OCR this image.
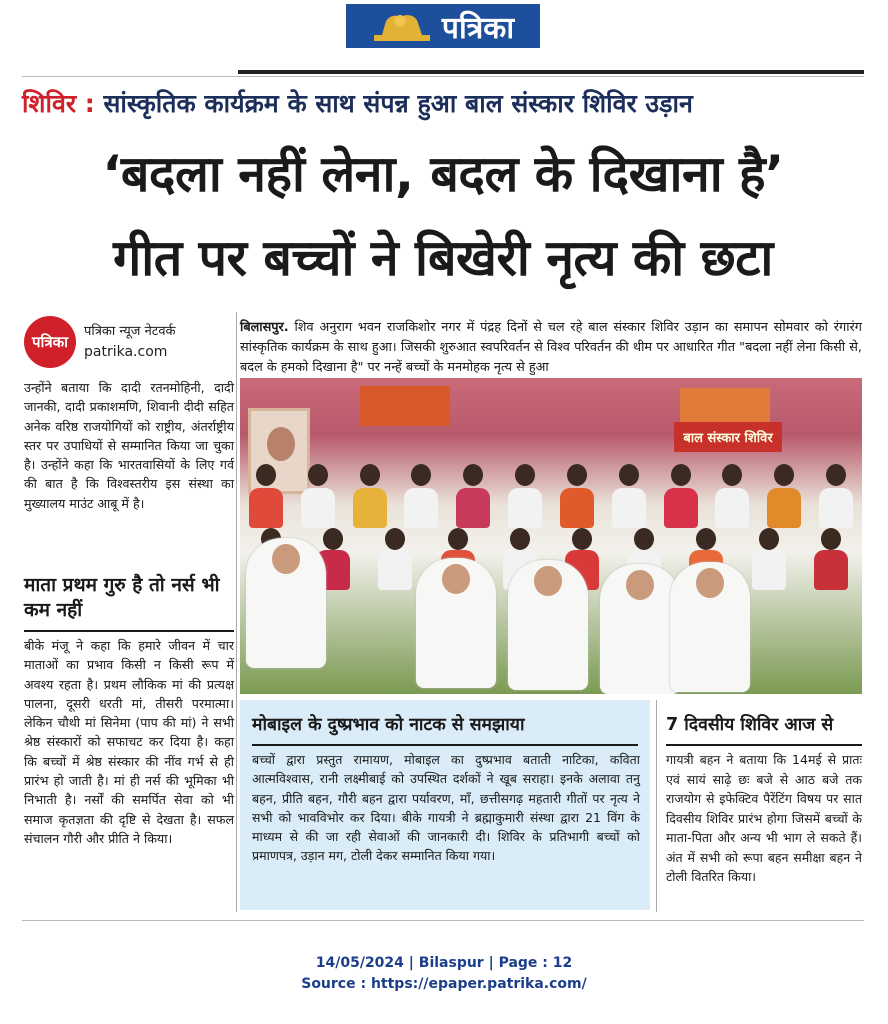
पत्रिका
शिविर : सांस्कृतिक कार्यक्रम के साथ संपन्न हुआ बाल संस्कार शिविर उड़ान
‘बदला नहीं लेना, बदल के दिखाना है’
गीत पर बच्चों ने बिखेरी नृत्य की छटा
पत्रिका
पत्रिका न्यूज नेटवर्क
patrika.com
उन्होंने बताया कि दादी रतनमोहिनी, दादी जानकी, दादी प्रकाशमणि, शिवानी दीदी सहित अनेक वरिष्ठ राजयोगियों को राष्ट्रीय, अंतर्राष्ट्रीय स्तर पर उपाधियों से सम्मानित किया जा चुका है। उन्होंने कहा कि भारतवासियों के लिए गर्व की बात है कि विश्वस्तरीय इस संस्था का मुख्यालय माउंट आबू में है।
माता प्रथम गुरु है तो नर्स भी कम नहीं
बीके मंजू ने कहा कि हमारे जीवन में चार माताओं का प्रभाव किसी न किसी रूप में अवश्य रहता है। प्रथम लौकिक मां की प्रत्यक्ष पालना, दूसरी धरती मां, तीसरी परमात्मा। लेकिन चौथी मां सिनेमा (पाप की मां) ने सभी श्रेष्ठ संस्कारों को सफाचट कर दिया है। कहा कि बच्चों में श्रेष्ठ संस्कार की नींव गर्भ से ही प्रारंभ हो जाती है। मां ही नर्स की भूमिका भी निभाती है। नर्सों की समर्पित सेवा को भी समाज कृतज्ञता की दृष्टि से देखता है। सफल संचालन गौरी और प्रीति ने किया।
बिलासपुर. शिव अनुराग भवन राजकिशोर नगर में पंद्रह दिनों से चल रहे बाल संस्कार शिविर उड़ान का समापन सोमवार को रंगारंग सांस्कृतिक कार्यक्रम के साथ हुआ। जिसकी शुरुआत स्वपरिवर्तन से विश्व परिवर्तन की थीम पर आधारित गीत "बदला नहीं लेना किसी से, बदल के हमको दिखाना है" पर नन्हें बच्चों के मनमोहक नृत्य से हुआ
बाल संस्कार शिविर
मोबाइल के दुष्प्रभाव को नाटक से समझाया
बच्चों द्वारा प्रस्तुत रामायण, मोबाइल का दुष्प्रभाव बताती नाटिका, कविता आत्मविश्वास, रानी लक्ष्मीबाई को उपस्थित दर्शकों ने खूब सराहा। इनके अलावा तनु बहन, प्रीति बहन, गौरी बहन द्वारा पर्यावरण, माँ, छत्तीसगढ़ महतारी गीतों पर नृत्य ने सभी को भावविभोर कर दिया। बीके गायत्री ने ब्रह्माकुमारी संस्था द्वारा 21 विंग के माध्यम से की जा रही सेवाओं की जानकारी दी। शिविर के प्रतिभागी बच्चों को प्रमाणपत्र, उड़ान मग, टोली देकर सम्मानित किया गया।
7 दिवसीय शिविर आज से
गायत्री बहन ने बताया कि 14मई से प्रातः एवं सायं साढ़े छः बजे से आठ बजे तक राजयोग से इफेक्टिव पैरेंटिंग विषय पर सात दिवसीय शिविर प्रारंभ होगा जिसमें बच्चों के माता-पिता और अन्य भी भाग ले सकते हैं। अंत में सभी को रूपा बहन समीक्षा बहन ने टोली वितरित किया।
14/05/2024 | Bilaspur | Page : 12
Source : https://epaper.patrika.com/
